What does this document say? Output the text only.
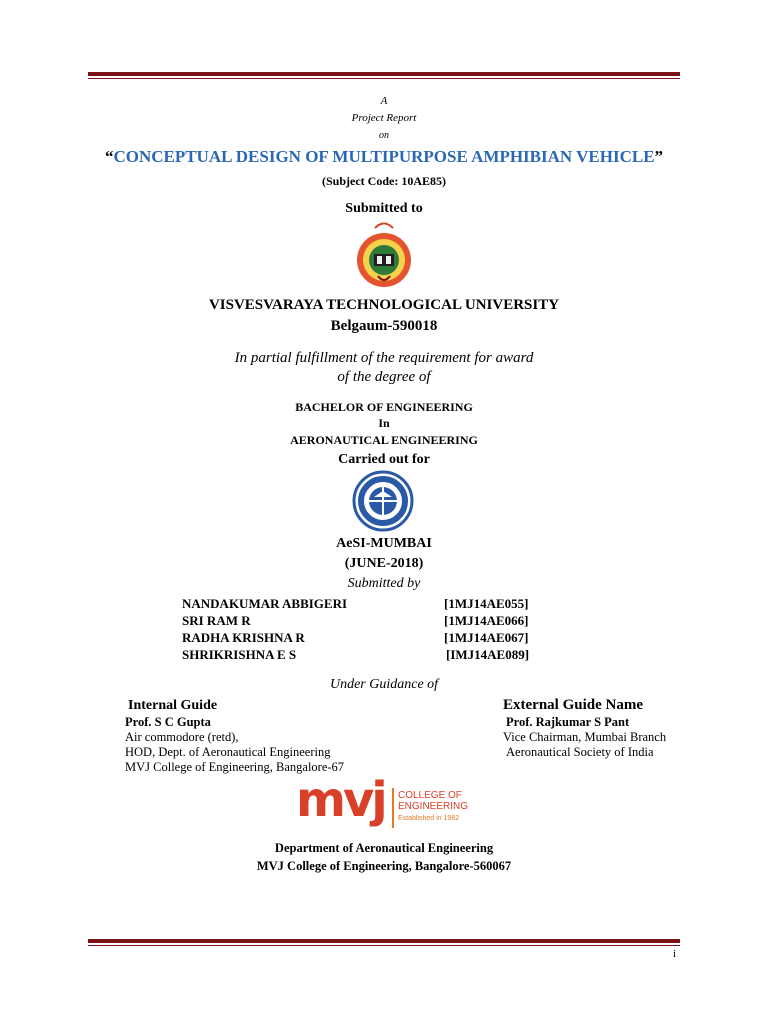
A
Project Report
on
“CONCEPTUAL DESIGN OF MULTIPURPOSE AMPHIBIAN VEHICLE”
(Subject Code: 10AE85)
Submitted to
VISVESVARAYA TECHNOLOGICAL UNIVERSITY
Belgaum-590018
In partial fulfillment of the requirement for award
of the degree of
BACHELOR OF ENGINEERING
In
AERONAUTICAL ENGINEERING
Carried out for
AeSI-MUMBAI
(JUNE-2018)
Submitted by
NANDAKUMAR ABBIGERI	[1MJ14AE055]
SRI RAM R	[1MJ14AE066]
RADHA KRISHNA R	[1MJ14AE067]
SHRIKRISHNA E S	[IMJ14AE089]
Under Guidance of
Internal Guide
Prof. S C Gupta
Air commodore (retd),
HOD, Dept. of Aeronautical Engineering
MVJ College of Engineering, Bangalore-67
External Guide Name
Prof. Rajkumar S Pant
Vice Chairman, Mumbai Branch
Aeronautical Society of India
mvj COLLEGE OF
ENGINEERING
Established in 1982
Department of Aeronautical Engineering
MVJ College of Engineering, Bangalore-560067
i
